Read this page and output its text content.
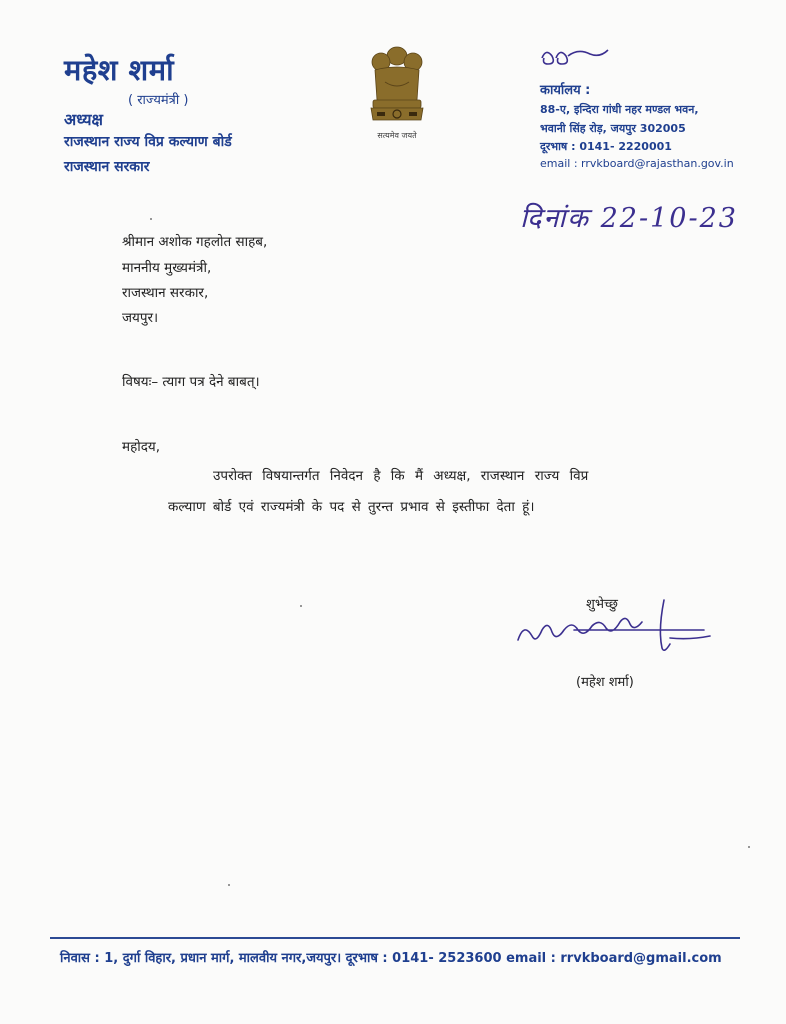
महेश शर्मा
( राज्यमंत्री )
अध्यक्ष
राजस्थान राज्य विप्र कल्याण बोर्ड
राजस्थान सरकार
सत्यमेव जयते
कार्यालय :
88-ए, इन्दिरा गांधी नहर मण्डल भवन,
भवानी सिंह रोड़, जयपुर 302005
दूरभाष : 0141- 2220001
email : rrvkboard@rajasthan.gov.in
दिनांक 22-10-23
श्रीमान अशोक गहलोत साहब,
माननीय मुख्यमंत्री,
राजस्थान सरकार,
जयपुर।
विषयः– त्याग पत्र देने बाबत्।
महोदय,
उपरोक्त विषयान्तर्गत निवेदन है कि मैं अध्यक्ष, राजस्थान राज्य विप्र
कल्याण बोर्ड एवं राज्यमंत्री के पद से तुरन्त प्रभाव से इस्तीफा देता हूं।
शुभेच्छु
(महेश शर्मा)
निवास : 1, दुर्गा विहार, प्रधान मार्ग, मालवीय नगर,जयपुर। दूरभाष : 0141- 2523600 email : rrvkboard@gmail.com
